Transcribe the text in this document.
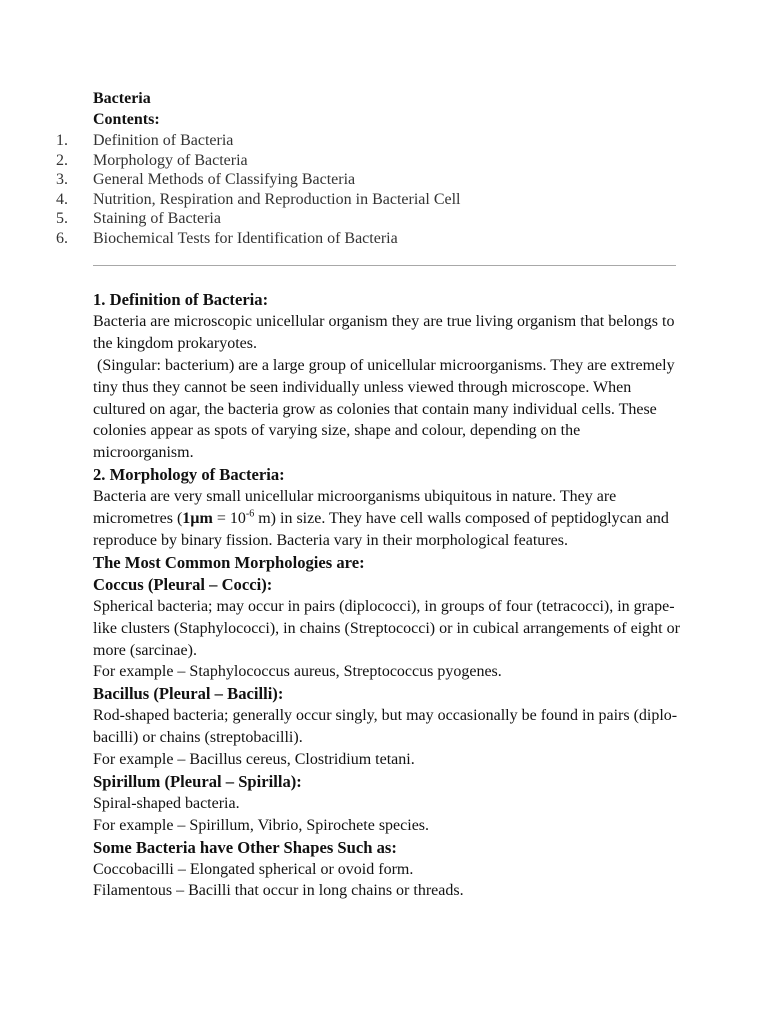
Bacteria
Contents:
1.	Definition of Bacteria
2.	Morphology of Bacteria
3.	General Methods of Classifying Bacteria
4.	Nutrition, Respiration and Reproduction in Bacterial Cell
5.	Staining of Bacteria
6.	Biochemical Tests for Identification of Bacteria
1. Definition of Bacteria:

Bacteria are microscopic unicellular organism they are true living organism that belongs to the kingdom prokaryotes.

(Singular: bacterium) are a large group of unicellular microorganisms. They are extremely tiny thus they cannot be seen individually unless viewed through microscope. When cultured on agar, the bacteria grow as colonies that contain many individual cells. These colonies appear as spots of varying size, shape and colour, depending on the microorganism.

2. Morphology of Bacteria:

Bacteria are very small unicellular microorganisms ubiquitous in nature. They are micrometres ($1\mu m = 10^{-6}$ m) in size. They have cell walls composed of peptidoglycan and reproduce by binary fission. Bacteria vary in their morphological features.

The Most Common Morphologies are:
Coccus (Pleural – Cocci):

Spherical bacteria; may occur in pairs (diplococci), in groups of four (tetracocci), in grape-like clusters (Staphylococci), in chains (Streptococci) or in cubical arrangements of eight or more (sarcinae).

For example – Staphylococcus aureus, Streptococcus pyogenes.

Bacillus (Pleural – Bacilli):

Rod-shaped bacteria; generally occur singly, but may occasionally be found in pairs (diplo-bacilli) or chains (streptobacilli).

For example – Bacillus cereus, Clostridium tetani.

Spirillum (Pleural – Spirilla):

Spiral-shaped bacteria.

For example – Spirillum, Vibrio, Spirochete species.

Some Bacteria have Other Shapes Such as:

Coccobacilli – Elongated spherical or ovoid form.

Filamentous – Bacilli that occur in long chains or threads.
